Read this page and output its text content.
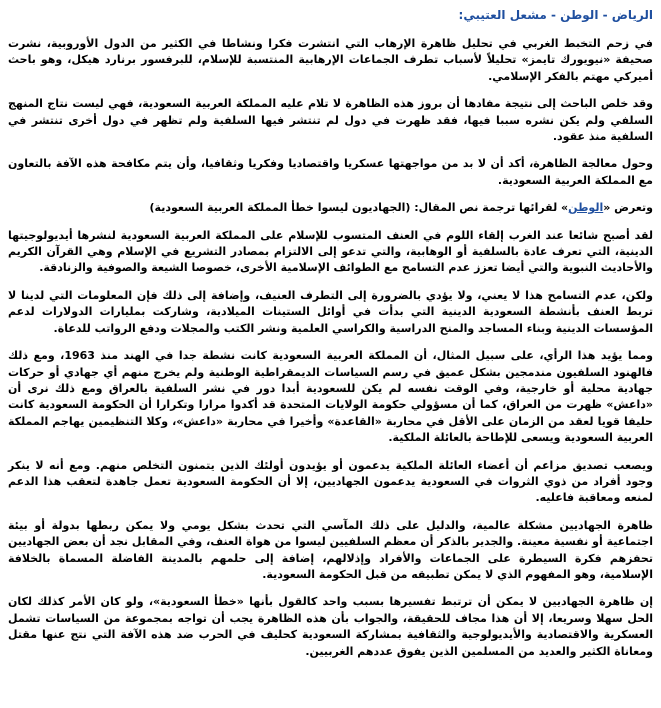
الرياض - الوطن - مشعل العتيبي:

في زحم التخبط الغربي في تحليل ظاهرة الإرهاب التي انتشرت فكرا ونشاطا في الكثير من الدول الأوروبية، نشرت صحيفة «نيويورك تايمز» تحليلاً لأسباب تطرف الجماعات الإرهابية المنتسبة للإسلام، للبرفسور برنارد هيكل، وهو باحث أميركي مهتم بالفكر الإسلامي.

وقد خلص الباحث إلى نتيجة مفادها أن بروز هذه الظاهرة لا تلام عليه المملكة العربية السعودية، فهي ليست نتاج المنهج السلفي ولم يكن نشره سببا فيها، فقد ظهرت في دول لم تنتشر فيها السلفية ولم تظهر في دول أخرى تنتشر في السلفية منذ عقود.

وحول معالجة الظاهرة، أكد أن لا بد من مواجهتها عسكريا واقتصاديا وفكريا وثقافيا، وأن يتم مكافحة هذه الآفة بالتعاون مع المملكة العربية السعودية.

وتعرض «الوطن» لقرائها ترجمة نص المقال: (الجهاديون ليسوا خطأ المملكة العربية السعودية)

لقد أصبح شائعا عند الغرب إلقاء اللوم في العنف المتسوب للإسلام على المملكة العربية السعودية لنشرها أيديولوجيتها الدينية، التي تعرف عادة بالسلفية أو الوهابية، والتي تدعو إلى الالتزام بمصادر التشريع في الإسلام وهي القرآن الكريم والأحاديث النبوية والتي أيضا تعزز عدم التسامح مع الطوائف الإسلامية الأخرى، خصوصا الشيعة والصوفية والزنادقة.

ولكن، عدم التسامح هذا لا يعني، ولا يؤدي بالضرورة إلى التطرف العنيف، وإضافة إلى ذلك فإن المعلومات التي لدينا لا تربط العنف بأنشطة السعودية الدينية التي بدأت في أوائل الستينات الميلادية، وشاركت بمليارات الدولارات لدعم المؤسسات الدينية وبناء المساجد والمنح الدراسية والكراسي العلمية ونشر الكتب والمجلات ودفع الرواتب للدعاة.

ومما يؤيد هذا الرأي، على سبيل المثال، أن المملكة العربية السعودية كانت نشطة جدا في الهند منذ 1963، ومع ذلك فالهنود السلفيون مندمجين بشكل عميق في رسم السياسات الديمقراطية الوطنية ولم يخرج منهم أي جهادي أو حركات جهادية محلية أو خارجية، وفي الوقت نفسه لم يكن للسعودية أبدا دور في نشر السلفية بالعراق ومع ذلك نرى أن «داعش» ظهرت من العراق، كما أن مسؤولي حكومة الولايات المتحدة قد أكدوا مرارا وتكرارا أن الحكومة السعودية كانت حليفا قويا لعقد من الزمان على الأقل في محاربة «القاعدة» وأخيرا في محاربة «داعش»، وكلا التنظيمين يهاجم المملكة العربية السعودية ويسعى للإطاحة بالعائلة الملكية.

ويصعب تصديق مزاعم أن أعضاء العائلة الملكية يدعمون أو يؤيدون أولئك الذين يتمنون التخلص منهم. ومع أنه لا ينكر وجود أفراد من ذوي الثروات في السعودية يدعمون الجهاديين، إلا أن الحكومة السعودية تعمل جاهدة لتعقب هذا الدعم لمنعه ومعاقبة فاعليه.

ظاهرة الجهاديين مشكلة عالمية، والدليل على ذلك المآسي التي تحدث بشكل يومي ولا يمكن ربطها بدولة أو بيئة اجتماعية أو نفسية معينة. والجدير بالذكر أن معظم السلفيين ليسوا من هواة العنف، وفي المقابل نجد أن بعض الجهاديين تحفزهم فكرة السيطرة على الجماعات والأفراد وإذلالهم، إضافة إلى حلمهم بالمدينة الفاضلة المسماة بالخلافة الإسلامية، وهو المفهوم الذي لا يمكن تطبيقه من قبل الحكومة السعودية.

إن ظاهرة الجهاديين لا يمكن أن ترتبط تفسيرها بسبب واحد كالقول بأنها «خطأ السعودية»، ولو كان الأمر كذلك لكان الحل سهلا وسريعا، إلا أن هذا مجاف للحقيقة، والجواب بأن هذه الظاهرة يجب أن تواجه بمجموعة من السياسات تشمل العسكرية والاقتصادية والأيديولوجية والثقافية بمشاركة السعودية كحليف في الحرب ضد هذه الآفة التي نتج عنها مقتل ومعاناة الكثير والعديد من المسلمين الذين يفوق عددهم الغربيين.
